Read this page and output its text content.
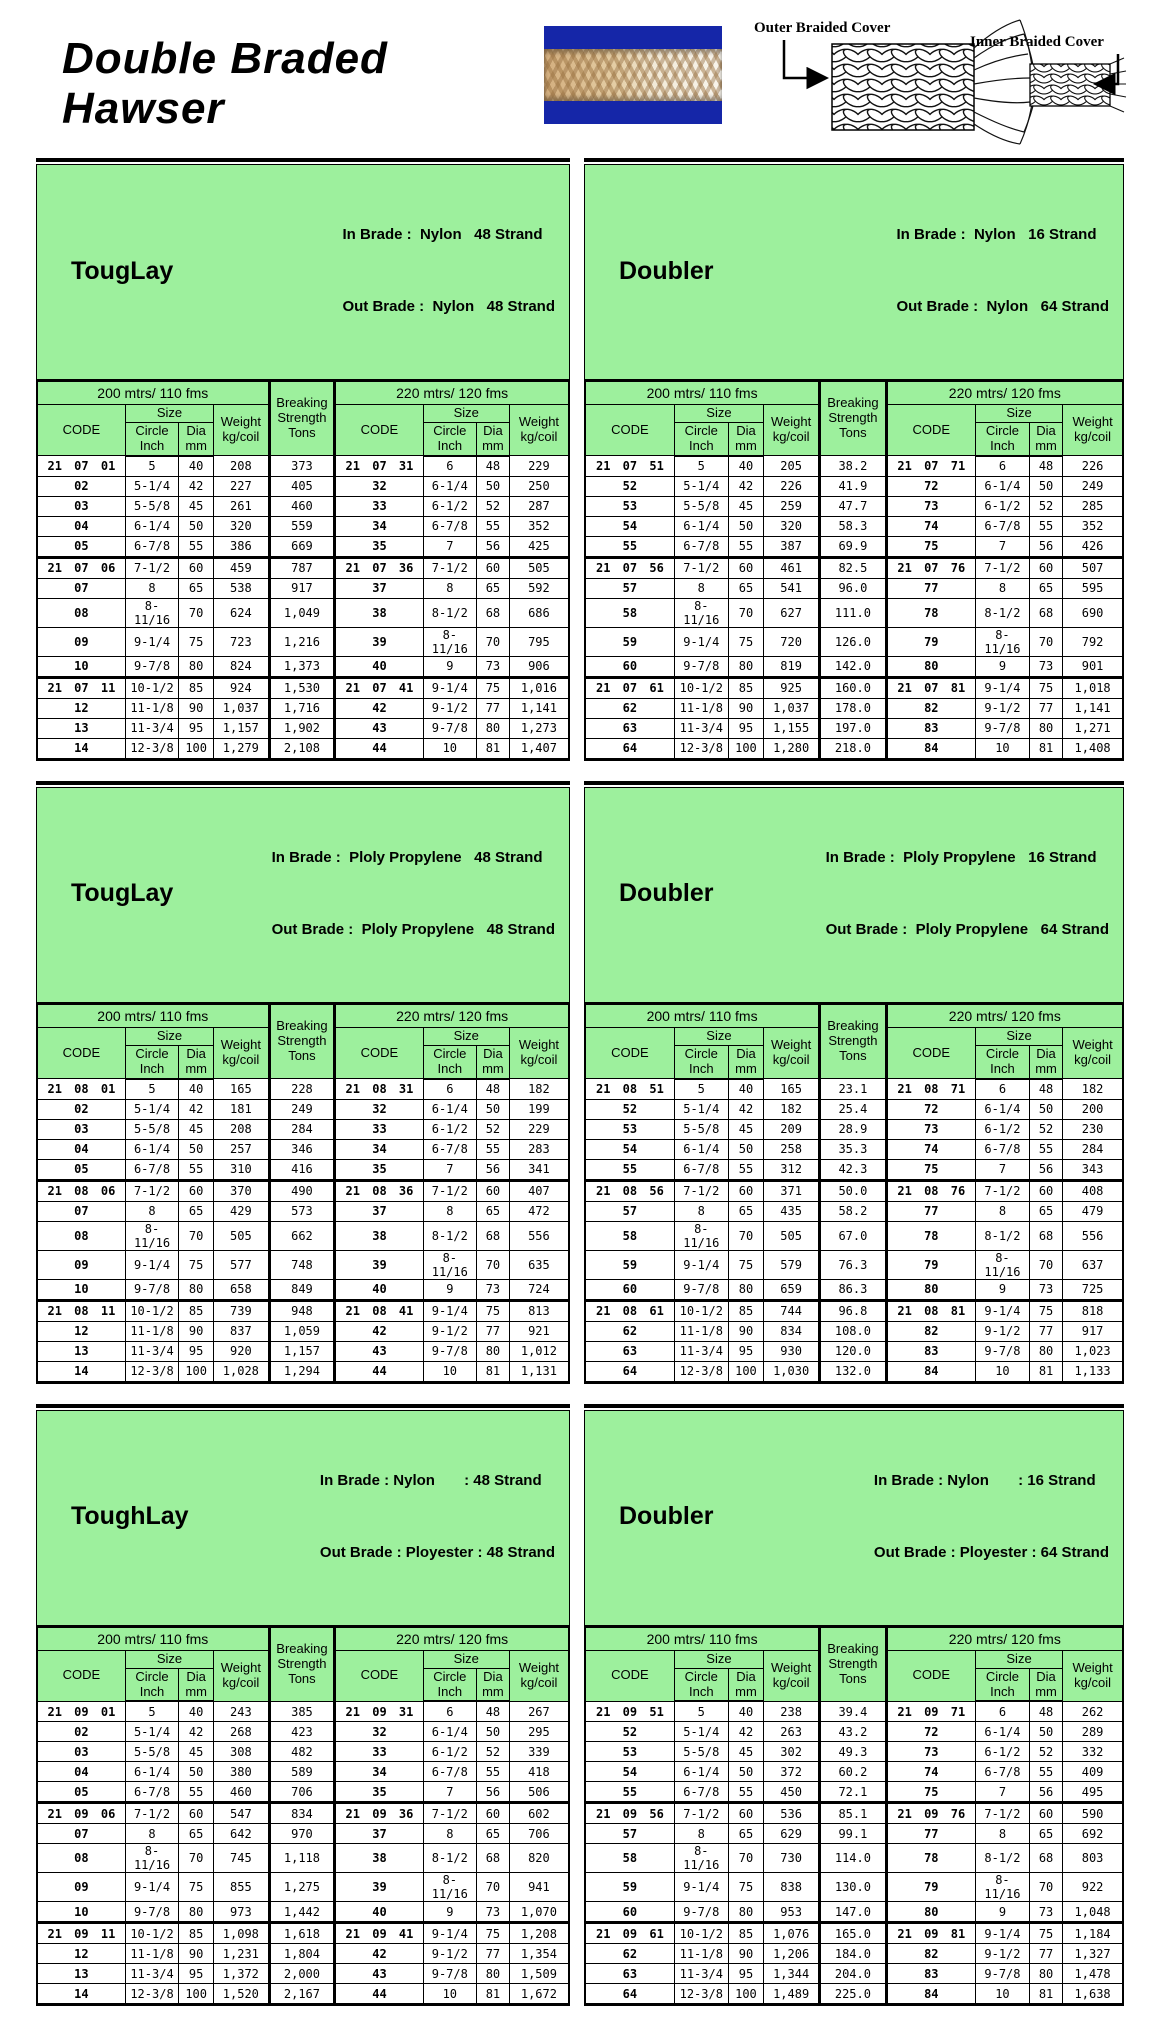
Double Braded Hawser
Outer Braided Cover
Inner Braided Cover
TougLay

In Brade :  Nylon   48 Strand

Out Brade :  Nylon   48 Strand

200 mtrs/ 110 fms				Breaking Strength Tons	220 mtrs/ 120 fms			
CODE	Size		Weight kg/coil		CODE	Size		Weight kg/coil
	Circle Inch	Dia mm				Circle Inch	Dia mm	
21 07 01	5	40	208	373	21 07 31	6	48	229
02	5-1/4	42	227	405	32	6-1/4	50	250
03	5-5/8	45	261	460	33	6-1/2	52	287
04	6-1/4	50	320	559	34	6-7/8	55	352
05	6-7/8	55	386	669	35	7	56	425
21 07 06	7-1/2	60	459	787	21 07 36	7-1/2	60	505
07	8	65	538	917	37	8	65	592
08	8-11/16	70	624	1,049	38	8-1/2	68	686
09	9-1/4	75	723	1,216	39	8-11/16	70	795
10	9-7/8	80	824	1,373	40	9	73	906
21 07 11	10-1/2	85	924	1,530	21 07 41	9-1/4	75	1,016
12	11-1/8	90	1,037	1,716	42	9-1/2	77	1,141
13	11-3/4	95	1,157	1,902	43	9-7/8	80	1,273
14	12-3/8	100	1,279	2,108	44	10	81	1,407
Doubler

In Brade :  Nylon   16 Strand

Out Brade :  Nylon   64 Strand

200 mtrs/ 110 fms				Breaking Strength Tons	220 mtrs/ 120 fms			
CODE	Size		Weight kg/coil		CODE	Size		Weight kg/coil
	Circle Inch	Dia mm				Circle Inch	Dia mm	
21 07 51	5	40	205	38.2	21 07 71	6	48	226
52	5-1/4	42	226	41.9	72	6-1/4	50	249
53	5-5/8	45	259	47.7	73	6-1/2	52	285
54	6-1/4	50	320	58.3	74	6-7/8	55	352
55	6-7/8	55	387	69.9	75	7	56	426
21 07 56	7-1/2	60	461	82.5	21 07 76	7-1/2	60	507
57	8	65	541	96.0	77	8	65	595
58	8-11/16	70	627	111.0	78	8-1/2	68	690
59	9-1/4	75	720	126.0	79	8-11/16	70	792
60	9-7/8	80	819	142.0	80	9	73	901
21 07 61	10-1/2	85	925	160.0	21 07 81	9-1/4	75	1,018
62	11-1/8	90	1,037	178.0	82	9-1/2	77	1,141
63	11-3/4	95	1,155	197.0	83	9-7/8	80	1,271
64	12-3/8	100	1,280	218.0	84	10	81	1,408
TougLay

In Brade :  Ploly Propylene   48 Strand

Out Brade :  Ploly Propylene   48 Strand

200 mtrs/ 110 fms				Breaking Strength Tons	220 mtrs/ 120 fms			
CODE	Size		Weight kg/coil		CODE	Size		Weight kg/coil
	Circle Inch	Dia mm				Circle Inch	Dia mm	
21 08 01	5	40	165	228	21 08 31	6	48	182
02	5-1/4	42	181	249	32	6-1/4	50	199
03	5-5/8	45	208	284	33	6-1/2	52	229
04	6-1/4	50	257	346	34	6-7/8	55	283
05	6-7/8	55	310	416	35	7	56	341
21 08 06	7-1/2	60	370	490	21 08 36	7-1/2	60	407
07	8	65	429	573	37	8	65	472
08	8-11/16	70	505	662	38	8-1/2	68	556
09	9-1/4	75	577	748	39	8-11/16	70	635
10	9-7/8	80	658	849	40	9	73	724
21 08 11	10-1/2	85	739	948	21 08 41	9-1/4	75	813
12	11-1/8	90	837	1,059	42	9-1/2	77	921
13	11-3/4	95	920	1,157	43	9-7/8	80	1,012
14	12-3/8	100	1,028	1,294	44	10	81	1,131
Doubler

In Brade :  Ploly Propylene   16 Strand

Out Brade :  Ploly Propylene   64 Strand

200 mtrs/ 110 fms				Breaking Strength Tons	220 mtrs/ 120 fms			
CODE	Size		Weight kg/coil		CODE	Size		Weight kg/coil
	Circle Inch	Dia mm				Circle Inch	Dia mm	
21 08 51	5	40	165	23.1	21 08 71	6	48	182
52	5-1/4	42	182	25.4	72	6-1/4	50	200
53	5-5/8	45	209	28.9	73	6-1/2	52	230
54	6-1/4	50	258	35.3	74	6-7/8	55	284
55	6-7/8	55	312	42.3	75	7	56	343
21 08 56	7-1/2	60	371	50.0	21 08 76	7-1/2	60	408
57	8	65	435	58.2	77	8	65	479
58	8-11/16	70	505	67.0	78	8-1/2	68	556
59	9-1/4	75	579	76.3	79	8-11/16	70	637
60	9-7/8	80	659	86.3	80	9	73	725
21 08 61	10-1/2	85	744	96.8	21 08 81	9-1/4	75	818
62	11-1/8	90	834	108.0	82	9-1/2	77	917
63	11-3/4	95	930	120.0	83	9-7/8	80	1,023
64	12-3/8	100	1,030	132.0	84	10	81	1,133
ToughLay

In Brade : Nylon       : 48 Strand

Out Brade : Ployester : 48 Strand

200 mtrs/ 110 fms				Breaking Strength Tons	220 mtrs/ 120 fms			
CODE	Size		Weight kg/coil		CODE	Size		Weight kg/coil
	Circle Inch	Dia mm				Circle Inch	Dia mm	
21 09 01	5	40	243	385	21 09 31	6	48	267
02	5-1/4	42	268	423	32	6-1/4	50	295
03	5-5/8	45	308	482	33	6-1/2	52	339
04	6-1/4	50	380	589	34	6-7/8	55	418
05	6-7/8	55	460	706	35	7	56	506
21 09 06	7-1/2	60	547	834	21 09 36	7-1/2	60	602
07	8	65	642	970	37	8	65	706
08	8-11/16	70	745	1,118	38	8-1/2	68	820
09	9-1/4	75	855	1,275	39	8-11/16	70	941
10	9-7/8	80	973	1,442	40	9	73	1,070
21 09 11	10-1/2	85	1,098	1,618	21 09 41	9-1/4	75	1,208
12	11-1/8	90	1,231	1,804	42	9-1/2	77	1,354
13	11-3/4	95	1,372	2,000	43	9-7/8	80	1,509
14	12-3/8	100	1,520	2,167	44	10	81	1,672
Doubler

In Brade : Nylon       : 16 Strand

Out Brade : Ployester : 64 Strand

200 mtrs/ 110 fms				Breaking Strength Tons	220 mtrs/ 120 fms			
CODE	Size		Weight kg/coil		CODE	Size		Weight kg/coil
	Circle Inch	Dia mm				Circle Inch	Dia mm	
21 09 51	5	40	238	39.4	21 09 71	6	48	262
52	5-1/4	42	263	43.2	72	6-1/4	50	289
53	5-5/8	45	302	49.3	73	6-1/2	52	332
54	6-1/4	50	372	60.2	74	6-7/8	55	409
55	6-7/8	55	450	72.1	75	7	56	495
21 09 56	7-1/2	60	536	85.1	21 09 76	7-1/2	60	590
57	8	65	629	99.1	77	8	65	692
58	8-11/16	70	730	114.0	78	8-1/2	68	803
59	9-1/4	75	838	130.0	79	8-11/16	70	922
60	9-7/8	80	953	147.0	80	9	73	1,048
21 09 61	10-1/2	85	1,076	165.0	21 09 81	9-1/4	75	1,184
62	11-1/8	90	1,206	184.0	82	9-1/2	77	1,327
63	11-3/4	95	1,344	204.0	83	9-7/8	80	1,478
64	12-3/8	100	1,489	225.0	84	10	81	1,638
